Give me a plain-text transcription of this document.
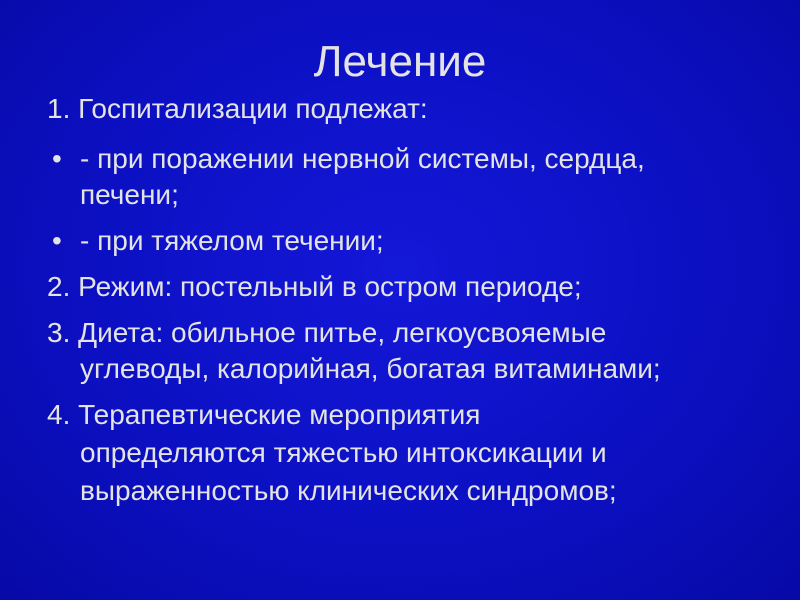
Лечение
1. Госпитализации подлежат:
• - при поражении нервной системы, сердца,
печени;
• - при тяжелом течении;
2. Режим: постельный в остром периоде;
3. Диета: обильное питье, легкоусвояемые
углеводы, калорийная, богатая витаминами;
4. Терапевтические мероприятия
определяются тяжестью интоксикации и
выраженностью клинических синдромов;
